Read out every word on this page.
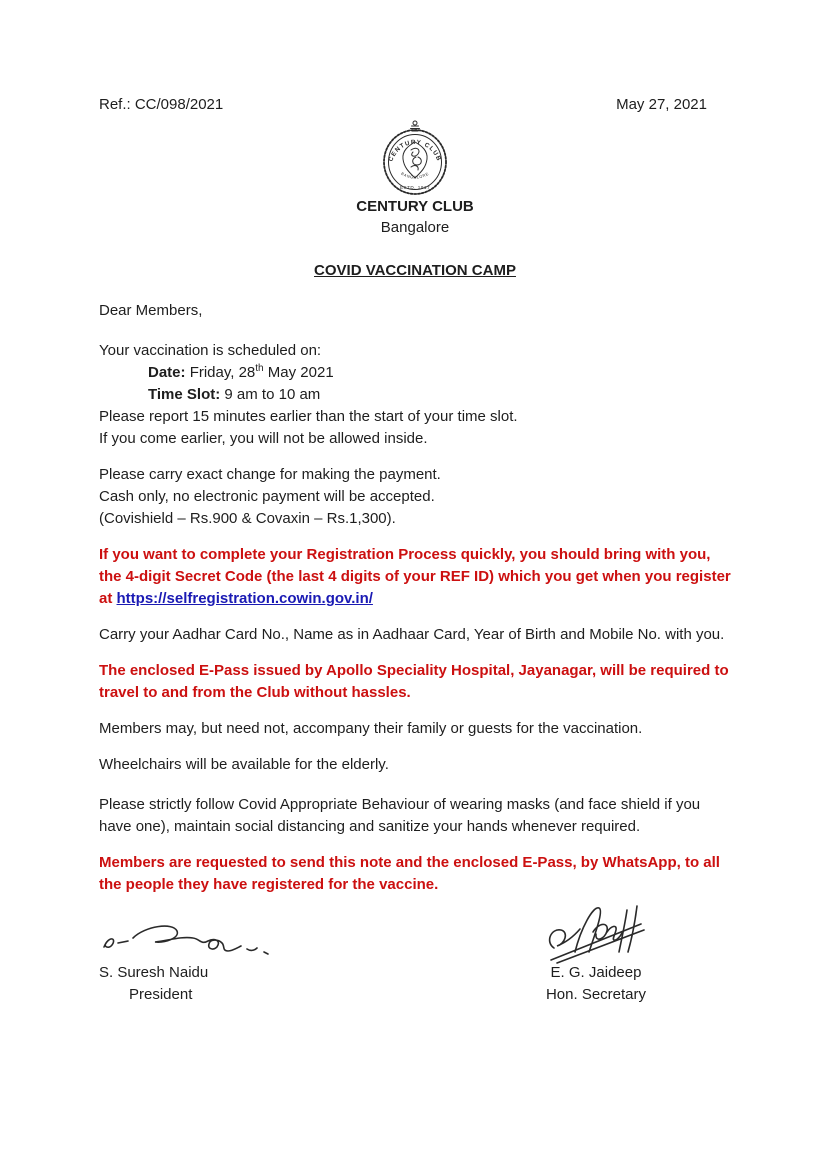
Ref.: CC/098/2021	May 27, 2021
CENTURY CLUB
BANGALORE
ESTD. 1917
CENTURY CLUB
Bangalore
COVID VACCINATION CAMP

Dear Members,

Your vaccination is scheduled on:
Date: Friday, 28th May 2021
Time Slot: 9 am to 10 am
Please report 15 minutes earlier than the start of your time slot.
If you come earlier, you will not be allowed inside.
Please carry exact change for making the payment.
Cash only, no electronic payment will be accepted.
(Covishield – Rs.900 & Covaxin – Rs.1,300).

If you want to complete your Registration Process quickly, you should bring with you, the 4-digit Secret Code (the last 4 digits of your REF ID) which you get when you register at https://selfregistration.cowin.gov.in/

Carry your Aadhar Card No., Name as in Aadhaar Card, Year of Birth and Mobile No. with you.

The enclosed E-Pass issued by Apollo Speciality Hospital, Jayanagar, will be required to travel to and from the Club without hassles.

Members may, but need not, accompany their family or guests for the vaccination.

Wheelchairs will be available for the elderly.

Please strictly follow Covid Appropriate Behaviour of wearing masks (and face shield if you have one), maintain social distancing and sanitize your hands whenever required.

Members are requested to send this note and the enclosed E-Pass, by WhatsApp, to all the people they have registered for the vaccine.

S. Suresh Naidu
President
E. G. Jaideep
Hon. Secretary
